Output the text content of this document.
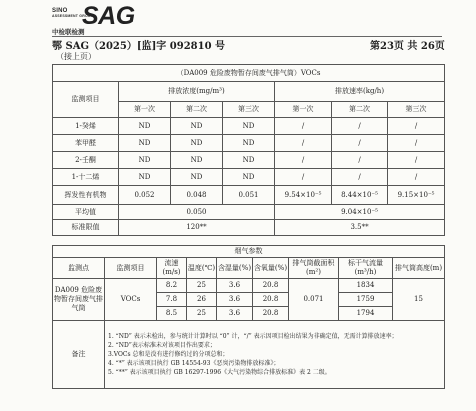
SINO
ASSESSMENT GROUP
SAG
中检联检测
鄂 SAG（2025）[监]字 092810 号	第23页 共 26页
（接上页）
（DA009 危险废物暂存间废气排气筒）VOCs						
监测项目	排放浓度(mg/m³)			排放速率(kg/h)		
	第一次	第二次	第三次	第一次	第二次	第三次
1-癸烯	ND	ND	ND	/	/	/
苯甲醛	ND	ND	ND	/	/	/
2-壬酮	ND	ND	ND	/	/	/
1-十二烯	ND	ND	ND	/	/	/
挥发性有机物	0.052	0.048	0.051	9.54×10⁻⁵	8.44×10⁻⁵	9.15×10⁻⁵
平均值	0.050			9.04×10⁻⁵		
标准限值	120**			3.5**		
烟气参数								
监测点	监测项目	流速(m/s)	温度(℃)	含湿量(%)	含氧量(%)	排气筒截面积(m²)	标干气流量(m³/h)	排气筒高度(m)
DA009 危险废物暂存间废气排气筒	VOCs	8.2	25	3.6	20.8	0.071	1834	15
		7.8	26	3.6	20.8		1759	
		8.5	25	3.6	20.8		1794	
备注	
1. “ND” 表示未检出，参与统计计算时以 “0” 计，“/” 表示因项目检出结果为非确定值，无需计算排放速率；
2. “ND”表示标准未对该项目作出要求；
3.VOCs 总和是没有进行修约过的分项总和；
4. “*” 表示该项目执行 GB 14554-93《恶臭污染物排放标准》；
5. “**” 表示该项目执行 GB 16297-1996《大气污染物综合排放标准》表 2 二级。
